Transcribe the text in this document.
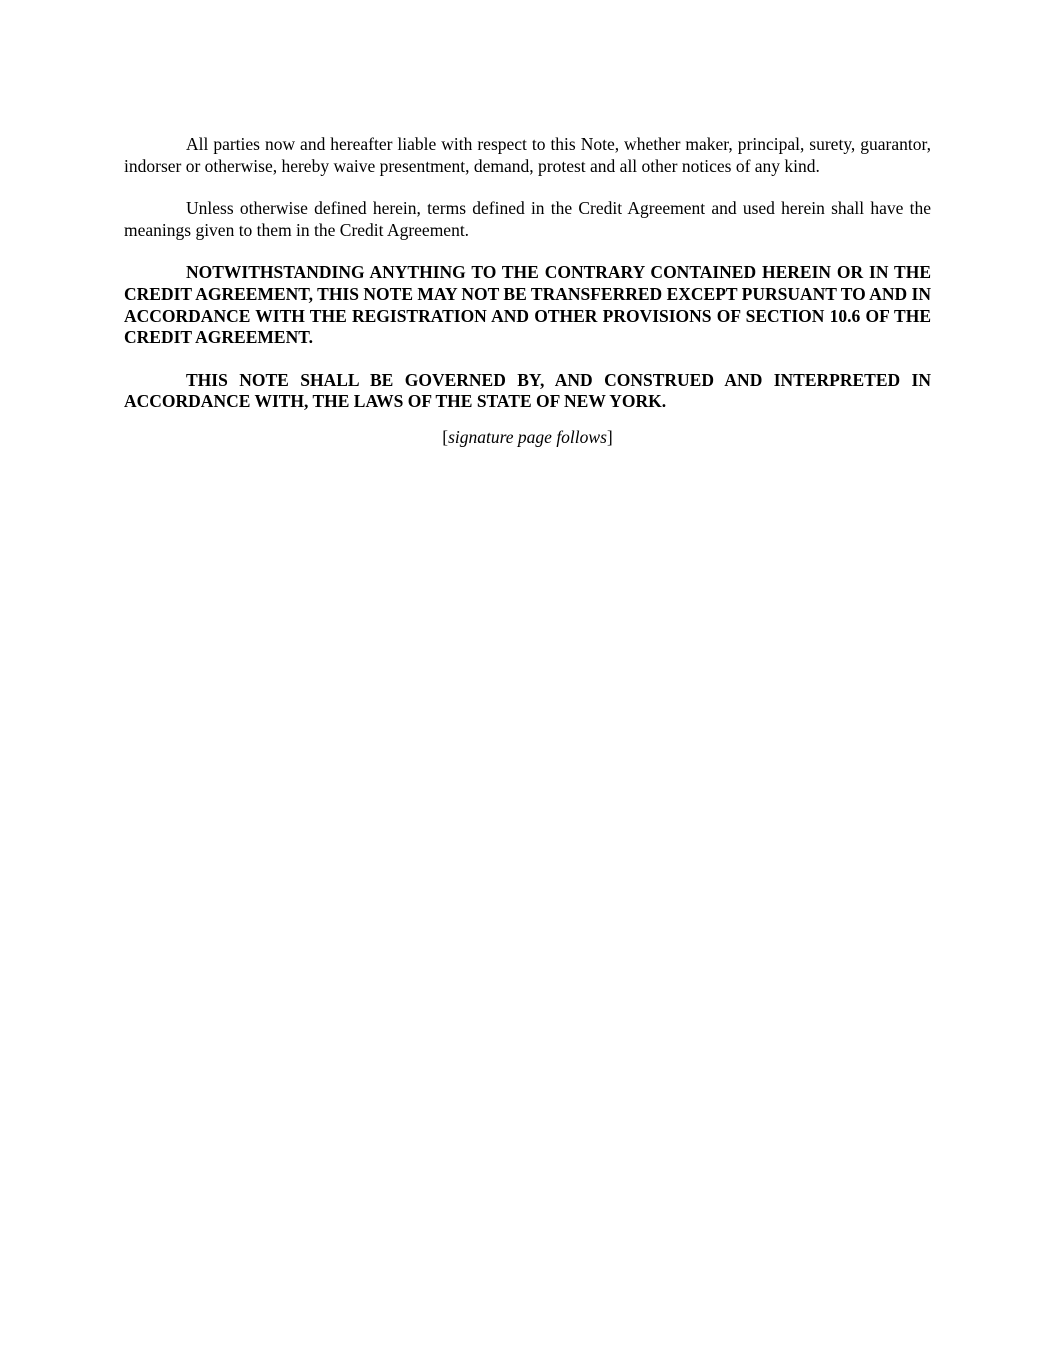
All parties now and hereafter liable with respect to this Note, whether maker, principal, surety, guarantor, indorser or otherwise, hereby waive presentment, demand, protest and all other notices of any kind.

Unless otherwise defined herein, terms defined in the Credit Agreement and used herein shall have the meanings given to them in the Credit Agreement.

NOTWITHSTANDING ANYTHING TO THE CONTRARY CONTAINED HEREIN OR IN THE CREDIT AGREEMENT, THIS NOTE MAY NOT BE TRANSFERRED EXCEPT PURSUANT TO AND IN ACCORDANCE WITH THE REGISTRATION AND OTHER PROVISIONS OF SECTION 10.6 OF THE CREDIT AGREEMENT.

THIS NOTE SHALL BE GOVERNED BY, AND CONSTRUED AND INTERPRETED IN ACCORDANCE WITH, THE LAWS OF THE STATE OF NEW YORK.

[signature page follows]
